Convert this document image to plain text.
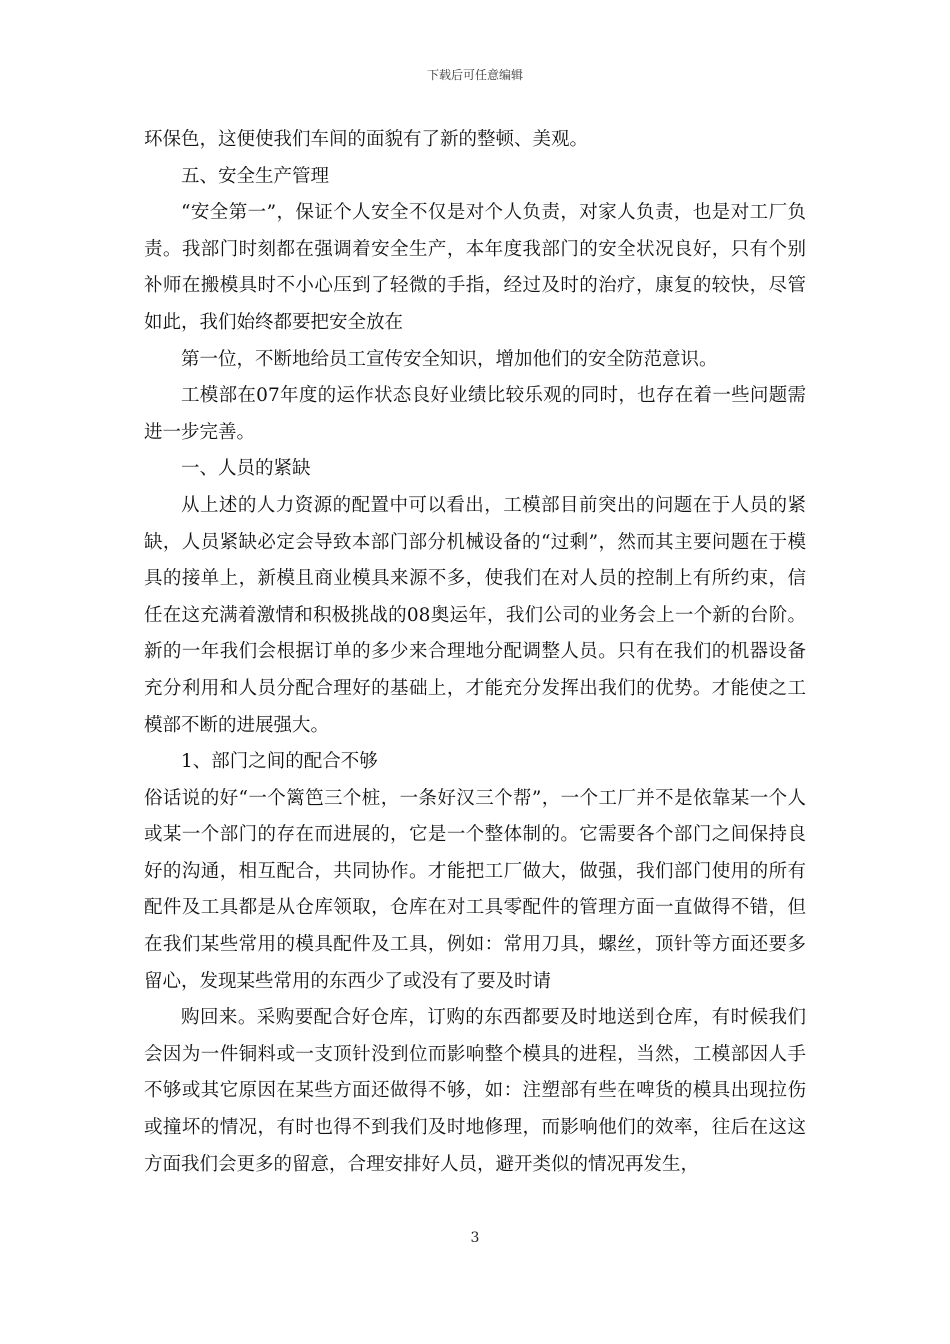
下载后可任意编辑

环保色，这便使我们车间的面貌有了新的整顿、美观。

五、安全生产管理

“安全第一”，保证个人安全不仅是对个人负责，对家人负责，也是对工厂负责。我部门时刻都在强调着安全生产，本年度我部门的安全状况良好，只有个别补师在搬模具时不小心压到了轻微的手指，经过及时的治疗，康复的较快，尽管如此，我们始终都要把安全放在

第一位，不断地给员工宣传安全知识，增加他们的安全防范意识。

工模部在07年度的运作状态良好业绩比较乐观的同时，也存在着一些问题需进一步完善。

一、人员的紧缺

从上述的人力资源的配置中可以看出，工模部目前突出的问题在于人员的紧缺，人员紧缺必定会导致本部门部分机械设备的“过剩”，然而其主要问题在于模具的接单上，新模且商业模具来源不多，使我们在对人员的控制上有所约束，信任在这充满着激情和积极挑战的08奥运年，我们公司的业务会上一个新的台阶。新的一年我们会根据订单的多少来合理地分配调整人员。只有在我们的机器设备充分利用和人员分配合理好的基础上，才能充分发挥出我们的优势。才能使之工模部不断的进展强大。

1、部门之间的配合不够

俗话说的好“一个篱笆三个桩，一条好汉三个帮”，一个工厂并不是依靠某一个人或某一个部门的存在而进展的，它是一个整体制的。它需要各个部门之间保持良好的沟通，相互配合，共同协作。才能把工厂做大，做强，我们部门使用的所有配件及工具都是从仓库领取，仓库在对工具零配件的管理方面一直做得不错，但在我们某些常用的模具配件及工具，例如：常用刀具，螺丝，顶针等方面还要多留心，发现某些常用的东西少了或没有了要及时请

购回来。采购要配合好仓库，订购的东西都要及时地送到仓库，有时候我们会因为一件铜料或一支顶针没到位而影响整个模具的进程，当然，工模部因人手不够或其它原因在某些方面还做得不够，如：注塑部有些在啤货的模具出现拉伤或撞坏的情况，有时也得不到我们及时地修理，而影响他们的效率，往后在这这方面我们会更多的留意，合理安排好人员，避开类似的情况再发生，

3
